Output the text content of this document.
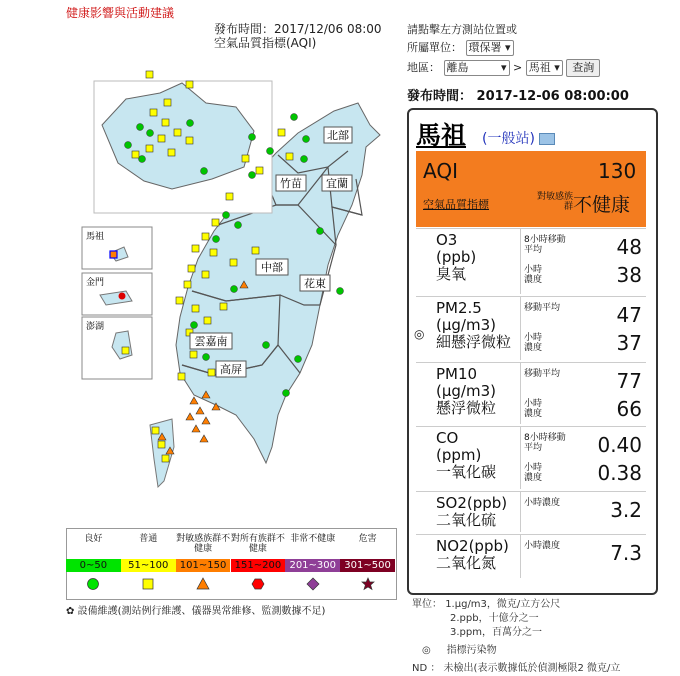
健康影響與活動建議
發布時間：2017/12/06 08:00
空氣品質指標(AQI)
請點擊左方測站位置或
所屬單位： 環保署 ▾
地區： 離島	▾ > 馬祖 ▾ 查詢
發布時間： 2017-12-06 08:00:00
北部
竹苗 宜蘭
中部
花東
雲嘉南
高屏
馬祖
金門
澎湖
馬祖 (一般站)
AQI	130
空氣品質指標
對敏感族群 不健康
◎
O3
(ppb)
臭氧
8小時移動平均	48
小時濃度	38
PM2.5
(μg/m3)
細懸浮微粒
移動平均	47
小時濃度	37
PM10
(μg/m3)
懸浮微粒
移動平均	77
小時濃度	66
CO
(ppm)
一氧化碳
8小時移動平均	0.40
小時濃度	0.38
SO2(ppb)
二氧化硫
小時濃度	3.2
NO2(ppb)
二氧化氮
小時濃度	7.3
良好
0~50
普通
51~100
對敏感族群不健康
101~150
對所有族群不健康
151~200
非常不健康
201~300
危害
301~500
✿ 設備維護(測站例行維護、儀器異常維修、監測數據不足)
單位： 1.μg/m3，微克/立方公尺
2.ppb，十億分之一
3.ppm，百萬分之一
◎ 指標污染物
ND ： 未檢出(表示數據低於偵測極限2 微克/立
